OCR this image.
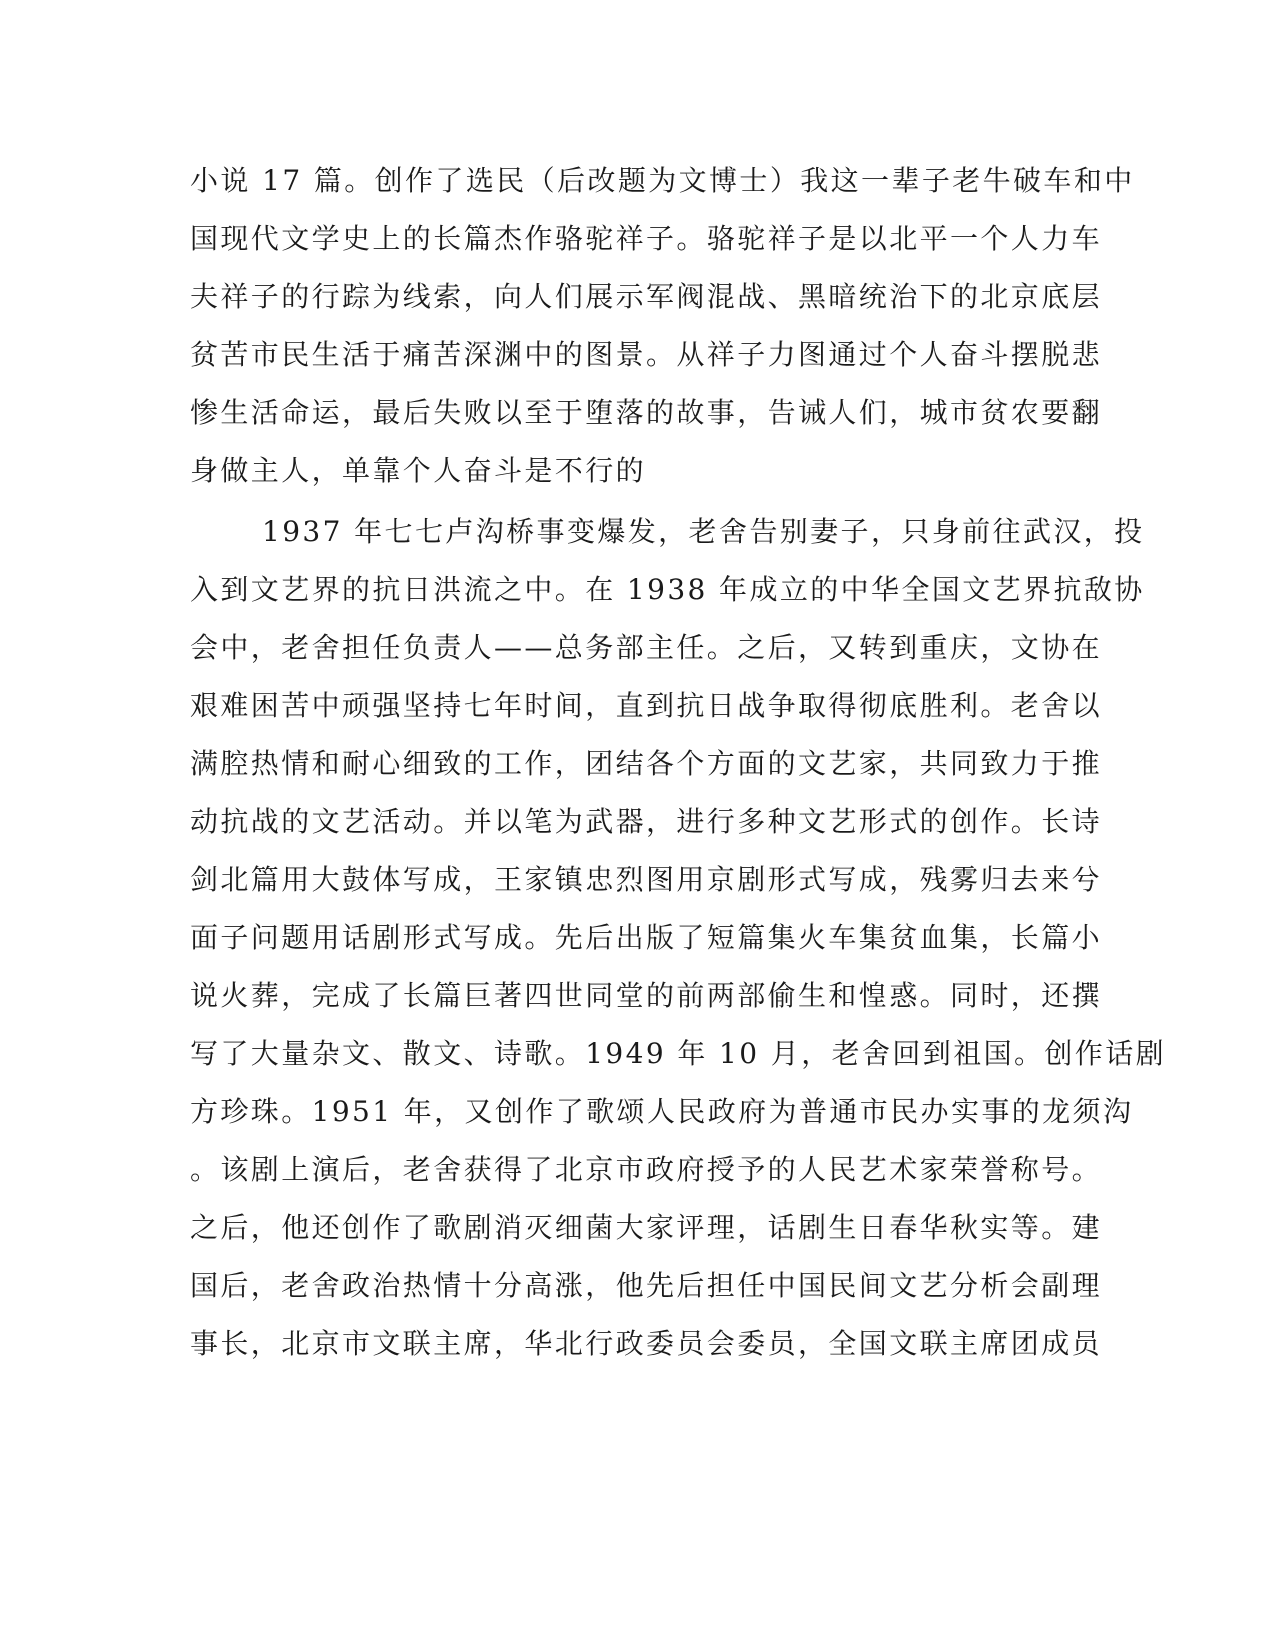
小说 17 篇。创作了选民（后改题为文博士）我这一辈子老牛破车和中
国现代文学史上的长篇杰作骆驼祥子。骆驼祥子是以北平一个人力车
夫祥子的行踪为线索，向人们展示军阀混战、黑暗统治下的北京底层
贫苦市民生活于痛苦深渊中的图景。从祥子力图通过个人奋斗摆脱悲
惨生活命运，最后失败以至于堕落的故事，告诫人们，城市贫农要翻
身做主人，单靠个人奋斗是不行的
1937 年七七卢沟桥事变爆发，老舍告别妻子，只身前往武汉，投
入到文艺界的抗日洪流之中。在 1938 年成立的中华全国文艺界抗敌协
会中，老舍担任负责人——总务部主任。之后，又转到重庆，文协在
艰难困苦中顽强坚持七年时间，直到抗日战争取得彻底胜利。老舍以
满腔热情和耐心细致的工作，团结各个方面的文艺家，共同致力于推
动抗战的文艺活动。并以笔为武器，进行多种文艺形式的创作。长诗
剑北篇用大鼓体写成，王家镇忠烈图用京剧形式写成，残雾归去来兮
面子问题用话剧形式写成。先后出版了短篇集火车集贫血集，长篇小
说火葬，完成了长篇巨著四世同堂的前两部偷生和惶惑。同时，还撰
写了大量杂文、散文、诗歌。1949 年 10 月，老舍回到祖国。创作话剧
方珍珠。1951 年，又创作了歌颂人民政府为普通市民办实事的龙须沟
。该剧上演后，老舍获得了北京市政府授予的人民艺术家荣誉称号。
之后，他还创作了歌剧消灭细菌大家评理，话剧生日春华秋实等。建
国后，老舍政治热情十分高涨，他先后担任中国民间文艺分析会副理
事长，北京市文联主席，华北行政委员会委员，全国文联主席团成员
